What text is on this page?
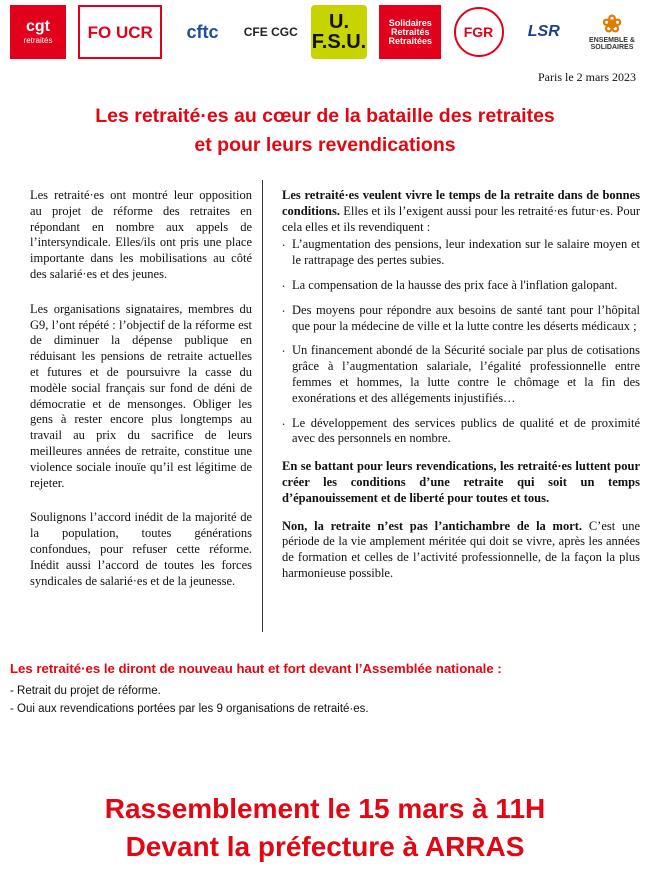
cgt
retraités FO UCR cftc CFE CGC	U. F.S.U.
Solidaires Retraités Retraitées
FGR LSR ❀
ENSEMBLE & SOLIDAIRES
Paris le 2 mars 2023
Les retraité·es au cœur de la bataille des retraites
et pour leurs revendications

Les retraité·es ont montré leur opposition au projet de réforme des retraites en répondant en nombre aux appels de l’intersyndicale. Elles/ils ont pris une place importante dans les mobilisations au côté des salarié·es et des jeunes.

Les organisations signataires, membres du G9, l’ont répété : l’objectif de la réforme est de diminuer la dépense publique en réduisant les pensions de retraite actuelles et futures et de poursuivre la casse du modèle social français sur fond de déni de démocratie et de mensonges. Obliger les gens à rester encore plus longtemps au travail au prix du sacrifice de leurs meilleures années de retraite, constitue une violence sociale inouïe qu’il est légitime de rejeter.

Soulignons l’accord inédit de la majorité de la population, toutes générations confondues, pour refuser cette réforme. Inédit aussi l’accord de toutes les forces syndicales de salarié·es et de la jeunesse.

Les retraité·es veulent vivre le temps de la retraite dans de bonnes conditions. Elles et ils l’exigent aussi pour les retraité·es futur·es. Pour cela elles et ils revendiquent :

. L’augmentation des pensions, leur indexation sur le salaire moyen et le rattrapage des pertes subies.
. La compensation de la hausse des prix face à l'inflation galopant.
. Des moyens pour répondre aux besoins de santé tant pour l’hôpital que pour la médecine de ville et la lutte contre les déserts médicaux ;
. Un financement abondé de la Sécurité sociale par plus de cotisations grâce à l’augmentation salariale, l’égalité professionnelle entre femmes et hommes, la lutte contre le chômage et la fin des exonérations et des allégements injustifiés…
. Le développement des services publics de qualité et de proximité avec des personnels en nombre.

En se battant pour leurs revendications, les retraité·es luttent pour créer les conditions d’une retraite qui soit un temps d’épanouissement et de liberté pour toutes et tous.

Non, la retraite n’est pas l’antichambre de la mort. C’est une période de la vie amplement méritée qui doit se vivre, après les années de formation et celles de l’activité professionnelle, de la façon la plus harmonieuse possible.

Les retraité·es le diront de nouveau haut et fort devant l’Assemblée nationale :
- Retrait du projet de réforme.
- Oui aux revendications portées par les 9 organisations de retraité·es.
Rassemblement le 15 mars à 11H
Devant la préfecture à ARRAS
